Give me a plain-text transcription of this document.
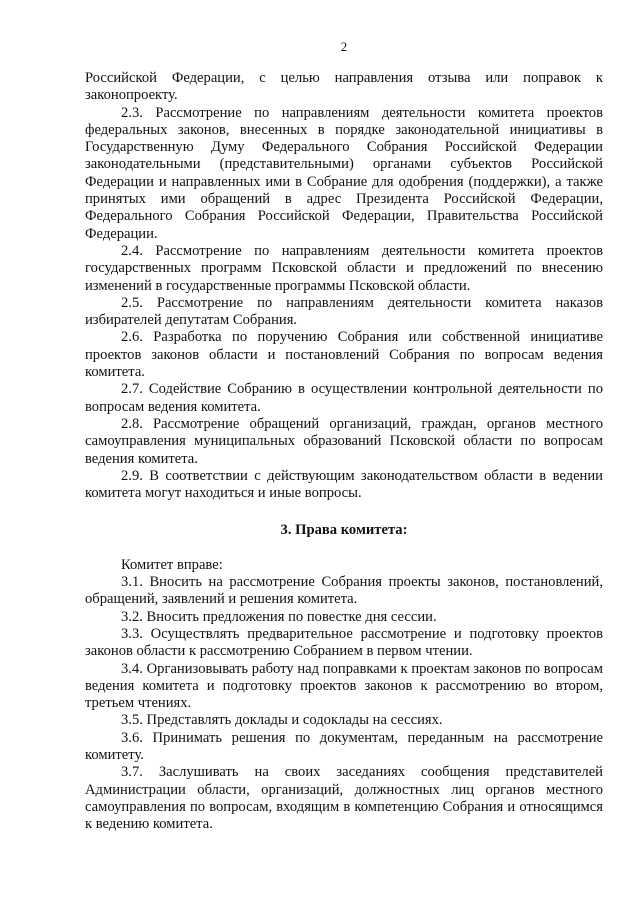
2

Российской Федерации, с целью направления отзыва или поправок к законопроекту.

2.3. Рассмотрение по направлениям деятельности комитета проектов федеральных законов, внесенных в порядке законодательной инициативы в Государственную Думу Федерального Собрания Российской Федерации законодательными (представительными) органами субъектов Российской Федерации и направленных ими в Собрание для одобрения (поддержки), а также принятых ими обращений в адрес Президента Российской Федерации, Федерального Собрания Российской Федерации, Правительства Российской Федерации.

2.4. Рассмотрение по направлениям деятельности комитета проектов государственных программ Псковской области и предложений по внесению изменений в государственные программы Псковской области.

2.5. Рассмотрение по направлениям деятельности комитета наказов избирателей депутатам Собрания.

2.6. Разработка по поручению Собрания или собственной инициативе проектов законов области и постановлений Собрания по вопросам ведения комитета.

2.7. Содействие Собранию в осуществлении контрольной деятельности по вопросам ведения комитета.

2.8. Рассмотрение обращений организаций, граждан, органов местного самоуправления муниципальных образований Псковской области по вопросам ведения комитета.

2.9. В соответствии с действующим законодательством области в ведении комитета могут находиться и иные вопросы.

3. Права комитета:

Комитет вправе:

3.1. Вносить на рассмотрение Собрания проекты законов, постановлений, обращений, заявлений и решения комитета.

3.2. Вносить предложения по повестке дня сессии.

3.3. Осуществлять предварительное рассмотрение и подготовку проектов законов области к рассмотрению Собранием в первом чтении.

3.4. Организовывать работу над поправками к проектам законов по вопросам ведения комитета и подготовку проектов законов к рассмотрению во втором, третьем чтениях.

3.5. Представлять доклады и содоклады на сессиях.

3.6. Принимать решения по документам, переданным на рассмотрение комитету.

3.7. Заслушивать на своих заседаниях сообщения представителей Администрации области, организаций, должностных лиц органов местного самоуправления по вопросам, входящим в компетенцию Собрания и относящимся к ведению комитета.
